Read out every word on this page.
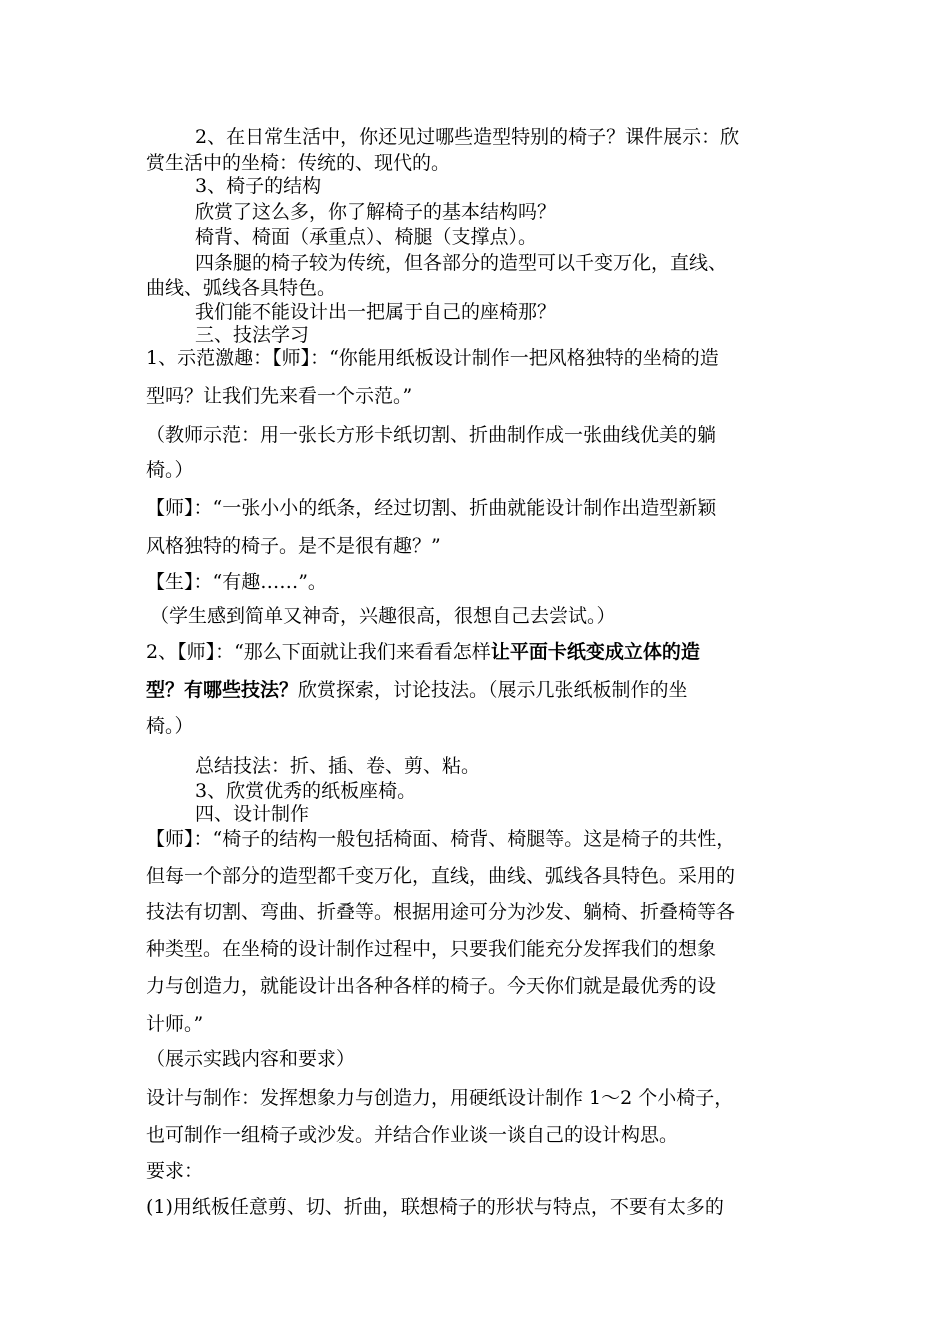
2、在日常生活中，你还见过哪些造型特别的椅子？课件展示：欣
赏生活中的坐椅：传统的、现代的。
3、椅子的结构
欣赏了这么多，你了解椅子的基本结构吗？
椅背、椅面（承重点）、椅腿（支撑点）。
四条腿的椅子较为传统，但各部分的造型可以千变万化，直线、
曲线、弧线各具特色。
我们能不能设计出一把属于自己的座椅那？
三、技法学习
1、示范激趣：【师】：“你能用纸板设计制作一把风格独特的坐椅的造
型吗？让我们先来看一个示范。”
（教师示范：用一张长方形卡纸切割、折曲制作成一张曲线优美的躺
椅。）
【师】：“一张小小的纸条，经过切割、折曲就能设计制作出造型新颖
风格独特的椅子。是不是很有趣？”
【生】：“有趣……”。
（学生感到简单又神奇，兴趣很高，很想自己去尝试。）
2、【师】：“那么下面就让我们来看看怎样让平面卡纸变成立体的造
型？有哪些技法？欣赏探索，讨论技法。（展示几张纸板制作的坐
椅。）
总结技法：折、插、卷、剪、粘。
3、欣赏优秀的纸板座椅。
四、设计制作
【师】：“椅子的结构一般包括椅面、椅背、椅腿等。这是椅子的共性，
但每一个部分的造型都千变万化，直线，曲线、弧线各具特色。采用的
技法有切割、弯曲、折叠等。根据用途可分为沙发、躺椅、折叠椅等各
种类型。在坐椅的设计制作过程中，只要我们能充分发挥我们的想象
力与创造力，就能设计出各种各样的椅子。今天你们就是最优秀的设
计师。”
（展示实践内容和要求）
设计与制作：发挥想象力与创造力，用硬纸设计制作 1～2 个小椅子，
也可制作一组椅子或沙发。并结合作业谈一谈自己的设计构思。
要求：
(1)用纸板任意剪、切、折曲，联想椅子的形状与特点，不要有太多的
